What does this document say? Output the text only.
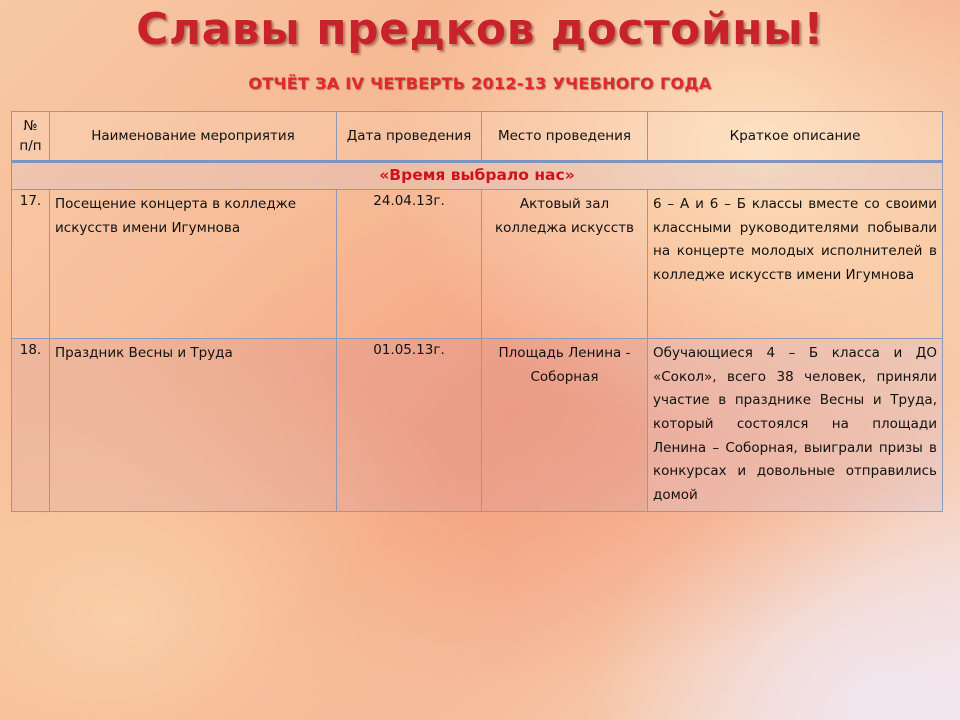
Славы предков достойны!
ОТЧЁТ ЗА IV ЧЕТВЕРТЬ 2012-13 УЧЕБНОГО ГОДА
№ п/п	Наименование мероприятия	Дата проведения	Место проведения	Краткое описание
«Время выбрало нас»				
17.	Посещение концерта в колледже искусств имени Игумнова	24.04.13г.	Актовый зал колледжа искусств	6 – А и 6 – Б классы вместе со своими классными руководителями побывали на концерте молодых исполнителей в колледже искусств имени Игумнова
18.	Праздник Весны и Труда	01.05.13г.	Площадь Ленина - Соборная	Обучающиеся 4 – Б класса и ДО «Сокол», всего 38 человек, приняли участие в празднике Весны и Труда, который состоялся на площади Ленина – Соборная, выиграли призы в конкурсах и довольные отправились домой
